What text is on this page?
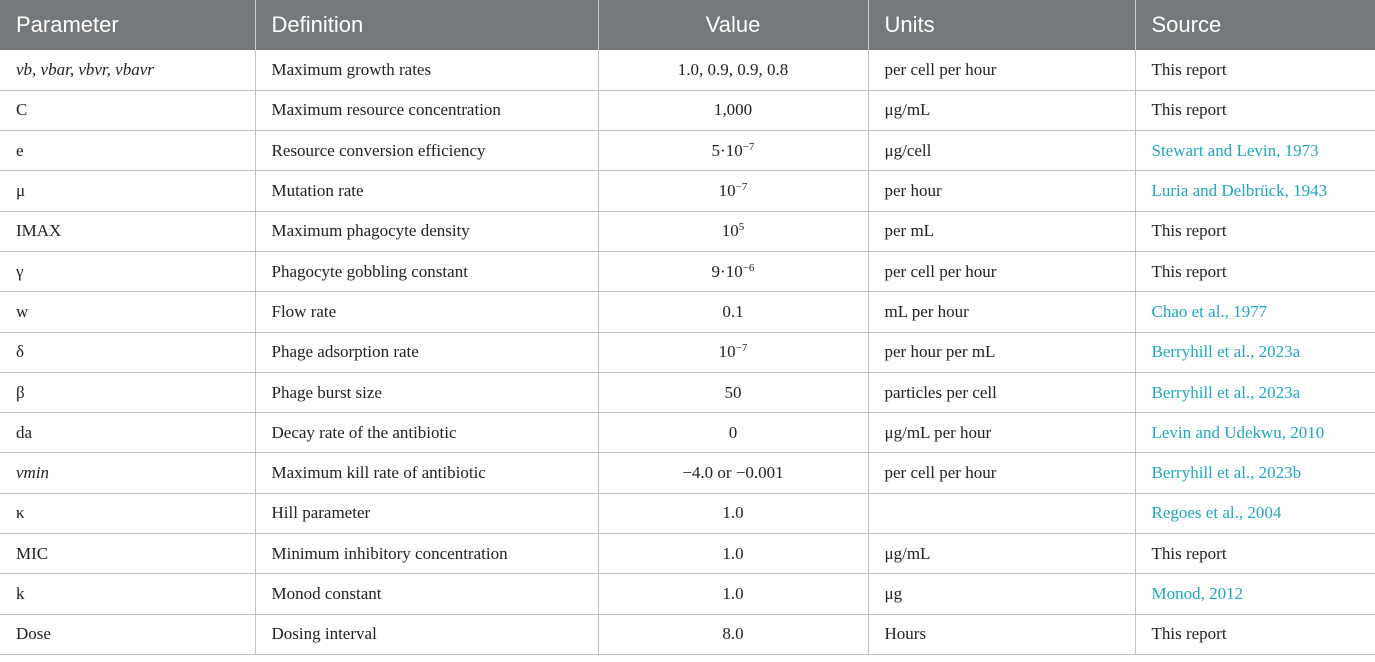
Parameter	Definition	Value	Units	Source
vb, vbar, vbvr, vbavr	Maximum growth rates	1.0, 0.9, 0.9, 0.8	per cell per hour	This report
C	Maximum resource concentration	1,000	μg/mL	This report
e	Resource conversion efficiency	$5\cdot 10^{-7}$	μg/cell	Stewart and Levin, 1973
μ	Mutation rate	$10^{-7}$	per hour	Luria and Delbrück, 1943
IMAX	Maximum phagocyte density	$10^5$	per mL	This report
γ	Phagocyte gobbling constant	$9\cdot 10^{-6}$	per cell per hour	This report
w	Flow rate	0.1	mL per hour	Chao et al., 1977
δ	Phage adsorption rate	$10^{-7}$	per hour per mL	Berryhill et al., 2023a
β	Phage burst size	50	particles per cell	Berryhill et al., 2023a
da	Decay rate of the antibiotic	0	μg/mL per hour	Levin and Udekwu, 2010
vmin	Maximum kill rate of antibiotic	−4.0 or −0.001	per cell per hour	Berryhill et al., 2023b
κ	Hill parameter	1.0		Regoes et al., 2004
MIC	Minimum inhibitory concentration	1.0	μg/mL	This report
k	Monod constant	1.0	μg	Monod, 2012
Dose	Dosing interval	8.0	Hours	This report
